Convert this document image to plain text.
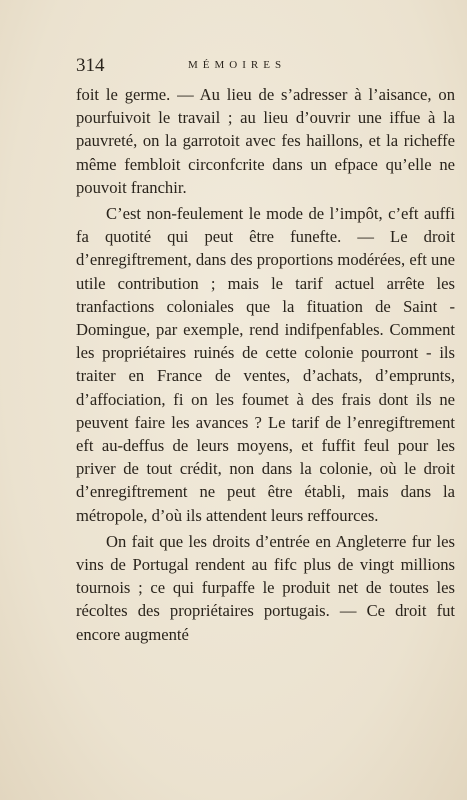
314	MÉMOIRES

foit le germe. — Au lieu de s’adresser à l’aisance, on pourfuivoit le travail ; au lieu d’ouvrir une iffue à la pauvreté, on la garrotoit avec fes haillons, et la richeffe même fembloit circonfcrite dans un efpace qu’elle ne pouvoit franchir.

C’est non-feulement le mode de l’impôt, c’eft auffi fa quotité qui peut être funefte. — Le droit d’enregiftrement, dans des proportions modérées, eft une utile contribution ; mais le tarif actuel arrête les tranfactions coloniales que la fituation de Saint - Domingue, par exemple, rend indifpenfables. Comment les propriétaires ruinés de cette colonie pourront - ils traiter en France de ventes, d’achats, d’emprunts, d’affociation, fi on les foumet à des frais dont ils ne peuvent faire les avances ? Le tarif de l’enregiftrement eft au-deffus de leurs moyens, et fuffit feul pour les priver de tout crédit, non dans la colonie, où le droit d’enregiftrement ne peut être établi, mais dans la métropole, d’où ils attendent leurs reffources.

On fait que les droits d’entrée en Angleterre fur les vins de Portugal rendent au fifc plus de vingt millions tournois ; ce qui furpaffe le produit net de toutes les récoltes des propriétaires portugais. — Ce droit fut encore augmenté
